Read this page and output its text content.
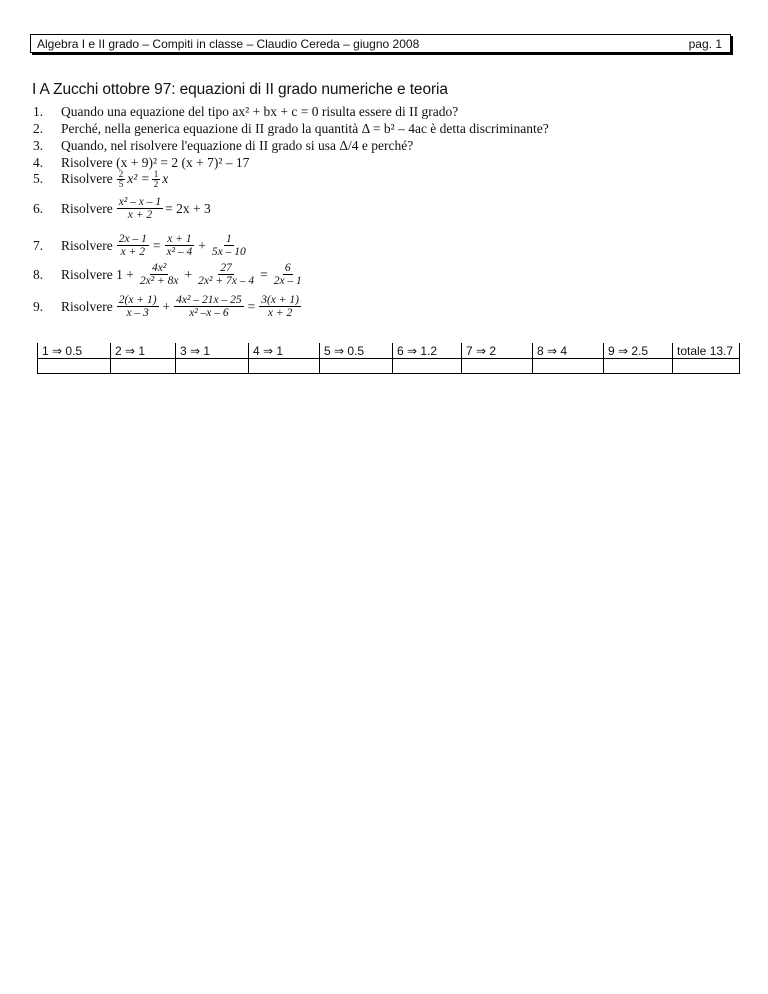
Algebra I e II grado – Compiti in classe – Claudio Cereda – giugno 2008	pag. 1
I A Zucchi ottobre 97: equazioni di II grado numeriche e teoria
1. Quando una equazione del tipo ax² + bx + c = 0 risulta essere di II grado?
2. Perché, nella generica equazione di II grado la quantità Δ = b² – 4ac è detta discriminante?
3. Quando, nel risolvere l'equazione di II grado si usa Δ/4 e perché?
4. Risolvere (x + 9)² = 2 (x + 7)² – 17
5.	Risolvere $\frac{2}{5} x^2 = \frac{1}{2}$ x
6.	Risolvere $\frac{\text{x² – x – 1}}{x + 2} = 2x + 3$
7.	Risolvere $\frac{2x - 1}{x + 2} = \frac{x + 1}{\text{x² – 4}} + \frac{1}{5x - 10}$
8.	Risolvere $1 + \frac{\text{4x²}}{\text{2x² + 8x}} + \frac{27}{\text{2x² + 7x – 4}} = \frac{6}{2x - 1}$
9.	Risolvere $\frac{2(x + 1)}{x - 3} + \frac{\text{4x² – 21x – 25}}{\text{x² –x – 6}} = \frac{3(x + 1)}{x + 2}$
1 ⇒ 0.5	2 ⇒ 1	3 ⇒ 1	4 ⇒ 1	5 ⇒ 0.5	6 ⇒ 1.2	7 ⇒ 2	8 ⇒ 4	9 ⇒ 2.5	totale 13.7
